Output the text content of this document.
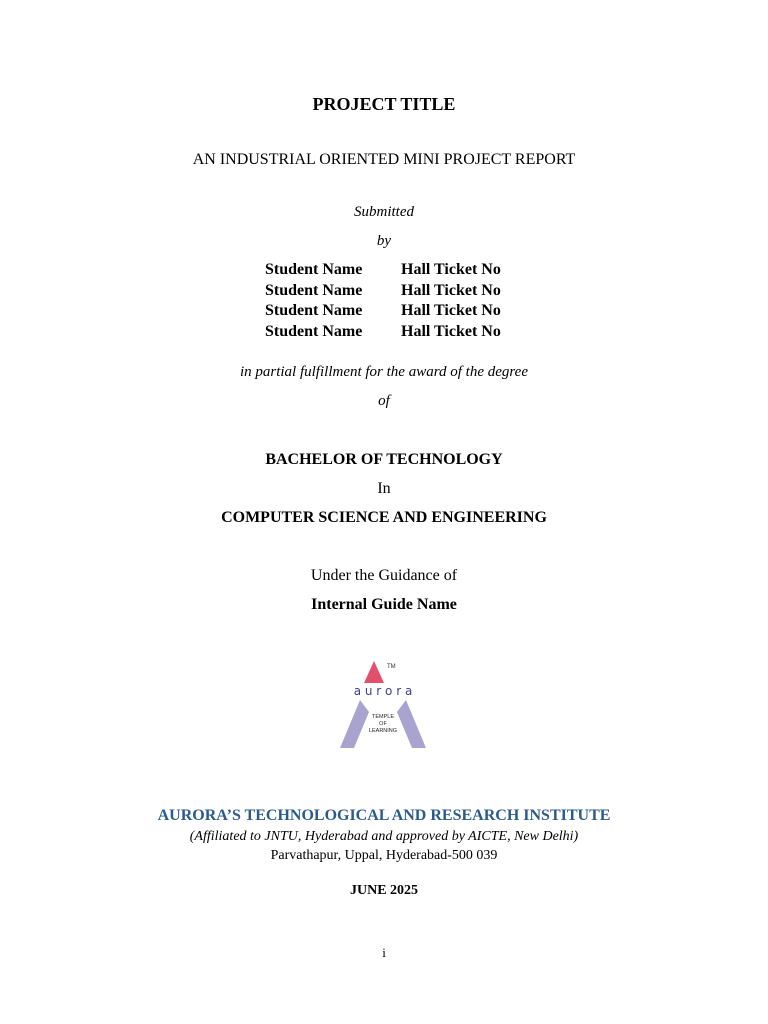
PROJECT TITLE
AN INDUSTRIAL ORIENTED MINI PROJECT REPORT
Submitted
by
Student Name	Hall Ticket No
Student Name	Hall Ticket No
Student Name	Hall Ticket No
Student Name	Hall Ticket No
in partial fulfillment for the award of the degree
of
BACHELOR OF TECHNOLOGY
In
COMPUTER SCIENCE AND ENGINEERING
Under the Guidance of
Internal Guide Name
TM
a u r o r a
TEMPLE
OF
LEARNING
AURORA’S TECHNOLOGICAL AND RESEARCH INSTITUTE
(Affiliated to JNTU, Hyderabad and approved by AICTE, New Delhi)
Parvathapur, Uppal, Hyderabad-500 039
JUNE 2025
i
